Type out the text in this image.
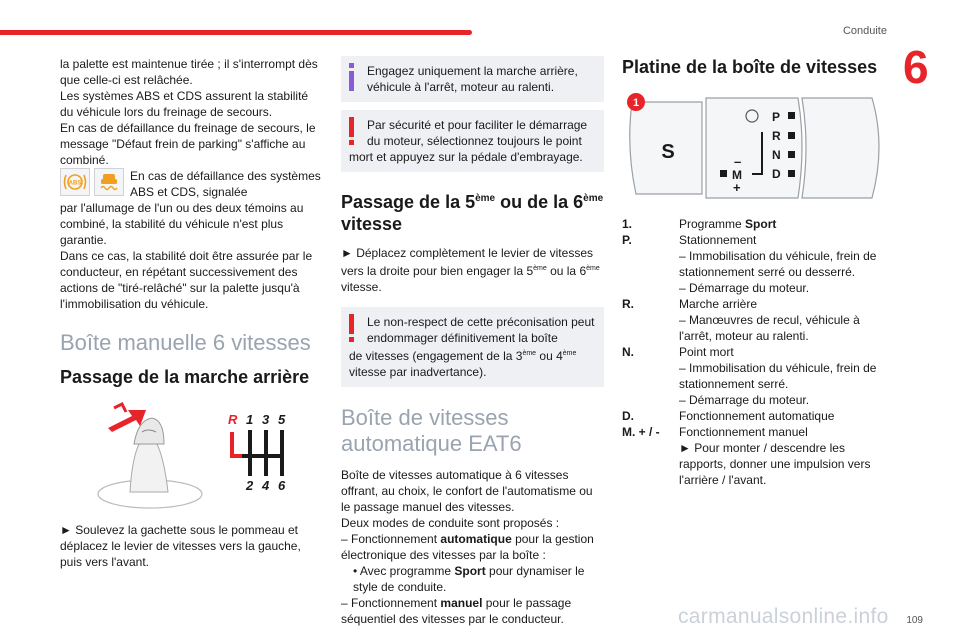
Conduite
6
la palette est maintenue tirée ; il s'interrompt dès que celle-ci est relâchée.
Les systèmes ABS et CDS assurent la stabilité du véhicule lors du freinage de secours.
En cas de défaillance du freinage de secours, le message "Défaut frein de parking" s'affiche au combiné.
ABS
En cas de défaillance des systèmes ABS et CDS, signalée
par l'allumage de l'un ou des deux témoins au combiné, la stabilité du véhicule n'est plus garantie.
Dans ce cas, la stabilité doit être assurée par le conducteur, en répétant successivement des actions de "tiré-relâché" sur la palette jusqu'à l'immobilisation du véhicule.
Boîte manuelle 6 vitesses
Passage de la marche arrière
R 1 3 5
2 4 6
► Soulevez la gachette sous le pommeau et déplacez le levier de vitesses vers la gauche, puis vers l'avant.
Engagez uniquement la marche arrière, véhicule à l'arrêt, moteur au ralenti.
Par sécurité et pour faciliter le démarrage du moteur, sélectionnez toujours le point
mort et appuyez sur la pédale d'embrayage.
Passage de la 5ème ou de la 6ème vitesse
► Déplacez complètement le levier de vitesses vers la droite pour bien engager la 5ème ou la 6ème vitesse.
Le non-respect de cette préconisation peut endommager définitivement la boîte
de vitesses (engagement de la 3ème ou 4ème vitesse par inadvertance).
Boîte de vitesses automatique EAT6
Boîte de vitesses automatique à 6 vitesses offrant, au choix, le confort de l'automatisme ou le passage manuel des vitesses.
Deux modes de conduite sont proposés :
– Fonctionnement automatique pour la gestion électronique des vitesses par la boîte :
• Avec programme Sport pour dynamiser le style de conduite.
– Fonctionnement manuel pour le passage séquentiel des vitesses par le conducteur.
Platine de la boîte de vitesses
S
P
R
N
D
–
M
+
1
1.	Programme Sport
P.	Stationnement
– Immobilisation du véhicule, frein de stationnement serré ou desserré.
– Démarrage du moteur.
R.	Marche arrière
– Manœuvres de recul, véhicule à l'arrêt, moteur au ralenti.
N.	Point mort
– Immobilisation du véhicule, frein de stationnement serré.
– Démarrage du moteur.
D.	Fonctionnement automatique
M. + / -	Fonctionnement manuel
► Pour monter / descendre les rapports, donner une impulsion vers l'arrière / l'avant.
109
carmanualsonline.info
